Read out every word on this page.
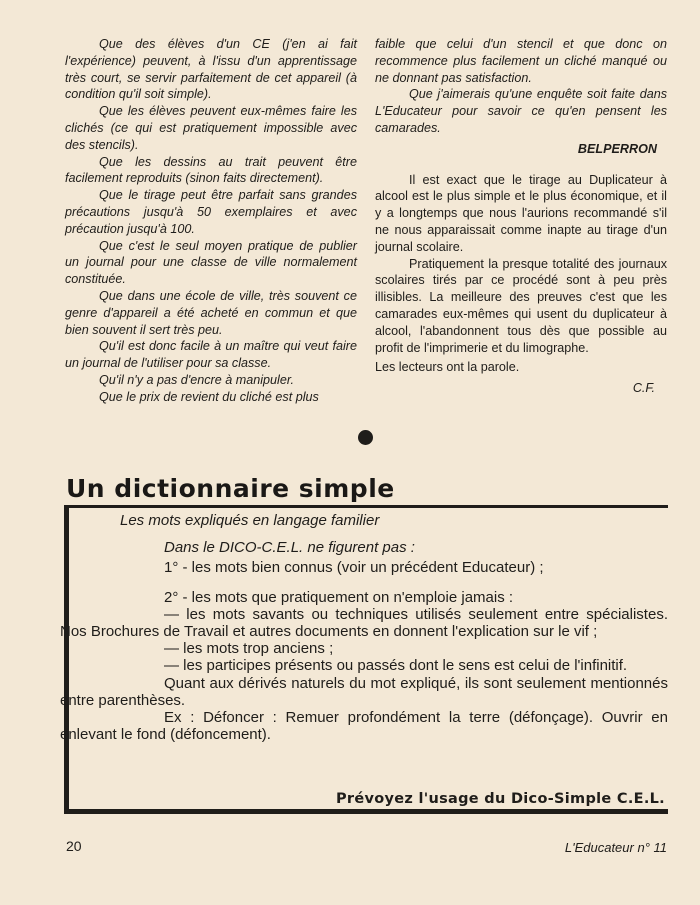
Que des élèves d'un CE (j'en ai fait l'expérience) peuvent, à l'issu d'un apprentissage très court, se servir parfaitement de cet appareil (à condition qu'il soit simple).

Que les élèves peuvent eux-mêmes faire les clichés (ce qui est pratiquement impossible avec des stencils).

Que les dessins au trait peuvent être facilement reproduits (sinon faits directement).

Que le tirage peut être parfait sans grandes précautions jusqu'à 50 exemplaires et avec précaution jusqu'à 100.

Que c'est le seul moyen pratique de publier un journal pour une classe de ville normalement constituée.

Que dans une école de ville, très souvent ce genre d'appareil a été acheté en commun et que bien souvent il sert très peu.

Qu'il est donc facile à un maître qui veut faire un journal de l'utiliser pour sa classe.

Qu'il n'y a pas d'encre à manipuler.

Que le prix de revient du cliché est plus

faible que celui d'un stencil et que donc on recommence plus facilement un cliché manqué ou ne donnant pas satisfaction.

Que j'aimerais qu'une enquête soit faite dans L'Educateur pour savoir ce qu'en pensent les camarades.

BELPERRON

Il est exact que le tirage au Duplicateur à alcool est le plus simple et le plus économique, et il y a longtemps que nous l'aurions recommandé s'il ne nous apparaissait comme inapte au tirage d'un journal scolaire.

Pratiquement la presque totalité des journaux scolaires tirés par ce procédé sont à peu près illisibles. La meilleure des preuves c'est que les camarades eux-mêmes qui usent du duplicateur à alcool, l'abandonnent tous dès que possible au profit de l'imprimerie et du limographe.

Les lecteurs ont la parole.

C.F.

Un dictionnaire simple

Les mots expliqués en langage familier

Dans le DICO-C.E.L. ne figurent pas :

1° - les mots bien connus (voir un précédent Educateur) ;

2° - les mots que pratiquement on n'emploie jamais :

— les mots savants ou techniques utilisés seulement entre spécialistes. Nos Brochures de Travail et autres documents en donnent l'explication sur le vif ;

— les mots trop anciens ;

— les participes présents ou passés dont le sens est celui de l'infinitif.

Quant aux dérivés naturels du mot expliqué, ils sont seulement mentionnés entre parenthèses.

Ex : Défoncer : Remuer profondément la terre (défonçage). Ouvrir en enlevant le fond (défoncement).

Prévoyez l'usage du Dico-Simple C.E.L.
20	L'Educateur n° 11
